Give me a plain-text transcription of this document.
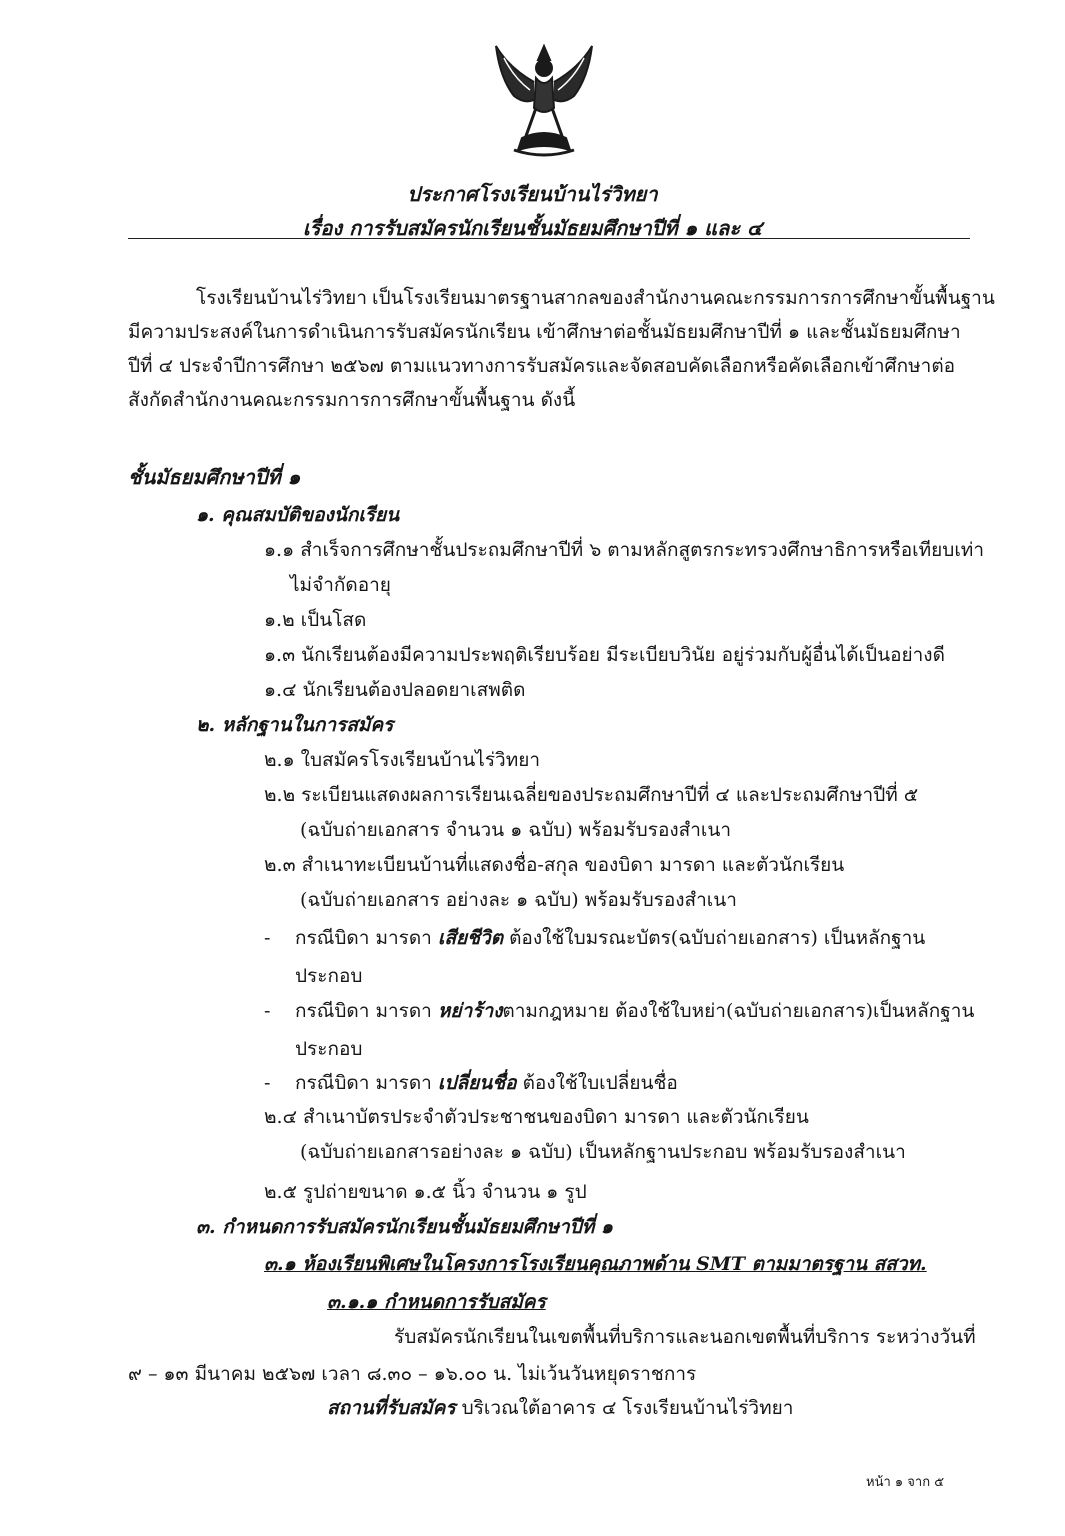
ประกาศโรงเรียนบ้านไร่วิทยา
เรื่อง การรับสมัครนักเรียนชั้นมัธยมศึกษาปีที่ ๑ และ ๔
โรงเรียนบ้านไร่วิทยา เป็นโรงเรียนมาตรฐานสากลของสำนักงานคณะกรรมการการศึกษาขั้นพื้นฐาน
มีความประสงค์ในการดำเนินการรับสมัครนักเรียน เข้าศึกษาต่อชั้นมัธยมศึกษาปีที่ ๑ และชั้นมัธยมศึกษา
ปีที่ ๔ ประจำปีการศึกษา ๒๕๖๗ ตามแนวทางการรับสมัครและจัดสอบคัดเลือกหรือคัดเลือกเข้าศึกษาต่อ
สังกัดสำนักงานคณะกรรมการการศึกษาขั้นพื้นฐาน ดังนี้
ชั้นมัธยมศึกษาปีที่ ๑
๑. คุณสมบัติของนักเรียน
๑.๑ สำเร็จการศึกษาชั้นประถมศึกษาปีที่ ๖ ตามหลักสูตรกระทรวงศึกษาธิการหรือเทียบเท่า
ไม่จำกัดอายุ
๑.๒ เป็นโสด
๑.๓ นักเรียนต้องมีความประพฤติเรียบร้อย มีระเบียบวินัย อยู่ร่วมกับผู้อื่นได้เป็นอย่างดี
๑.๔ นักเรียนต้องปลอดยาเสพติด
๒. หลักฐานในการสมัคร
๒.๑ ใบสมัครโรงเรียนบ้านไร่วิทยา
๒.๒ ระเบียนแสดงผลการเรียนเฉลี่ยของประถมศึกษาปีที่ ๔ และประถมศึกษาปีที่ ๕
(ฉบับถ่ายเอกสาร จำนวน ๑ ฉบับ) พร้อมรับรองสำเนา
๒.๓ สำเนาทะเบียนบ้านที่แสดงชื่อ-สกุล ของบิดา มารดา และตัวนักเรียน
(ฉบับถ่ายเอกสาร อย่างละ ๑ ฉบับ) พร้อมรับรองสำเนา
- กรณีบิดา มารดา เสียชีวิต ต้องใช้ใบมรณะบัตร(ฉบับถ่ายเอกสาร) เป็นหลักฐาน
ประกอบ
- กรณีบิดา มารดา หย่าร้างตามกฎหมาย ต้องใช้ใบหย่า(ฉบับถ่ายเอกสาร)เป็นหลักฐาน
ประกอบ
- กรณีบิดา มารดา เปลี่ยนชื่อ ต้องใช้ใบเปลี่ยนชื่อ
๒.๔ สำเนาบัตรประจำตัวประชาชนของบิดา มารดา และตัวนักเรียน
(ฉบับถ่ายเอกสารอย่างละ ๑ ฉบับ) เป็นหลักฐานประกอบ พร้อมรับรองสำเนา
๒.๕ รูปถ่ายขนาด ๑.๕ นิ้ว จำนวน ๑ รูป
๓. กำหนดการรับสมัครนักเรียนชั้นมัธยมศึกษาปีที่ ๑
๓.๑ ห้องเรียนพิเศษในโครงการโรงเรียนคุณภาพด้าน SMT ตามมาตรฐาน สสวท.
๓.๑.๑ กำหนดการรับสมัคร
รับสมัครนักเรียนในเขตพื้นที่บริการและนอกเขตพื้นที่บริการ ระหว่างวันที่
๙ – ๑๓ มีนาคม ๒๕๖๗ เวลา ๘.๓๐ – ๑๖.๐๐ น. ไม่เว้นวันหยุดราชการ
สถานที่รับสมัคร บริเวณใต้อาคาร ๔ โรงเรียนบ้านไร่วิทยา
หน้า ๑ จาก ๕
